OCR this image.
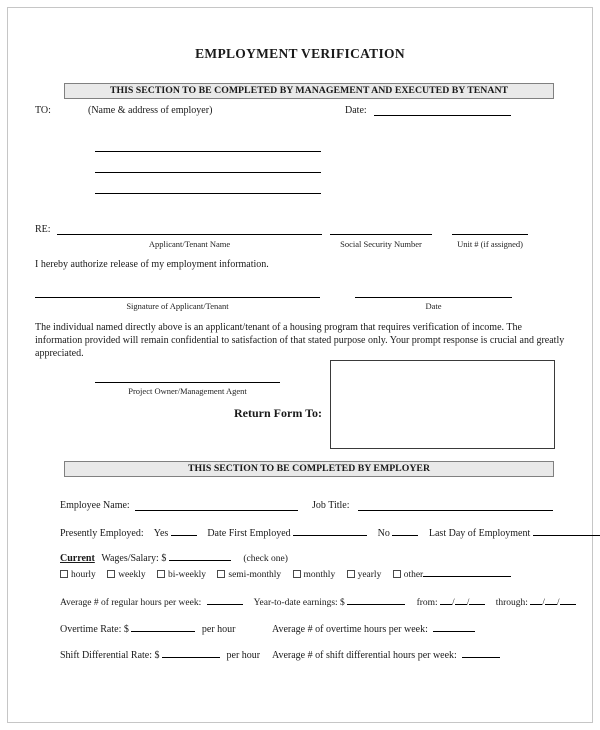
EMPLOYMENT VERIFICATION
THIS SECTION TO BE COMPLETED BY MANAGEMENT AND EXECUTED BY TENANT
TO:	(Name & address of employer)	Date:
RE:
Applicant/Tenant Name	Social Security Number	Unit # (if assigned)
I hereby authorize release of my employment information.
Signature of Applicant/Tenant	Date
The individual named directly above is an applicant/tenant of a housing program that requires verification of income. The information provided will remain confidential to satisfaction of that stated purpose only. Your prompt response is crucial and greatly appreciated.
Project Owner/Management Agent
Return Form To:
THIS SECTION TO BE COMPLETED BY EMPLOYER
Employee Name:	Job Title:
Presently Employed: Yes	Date First Employed	No	Last Day of Employment
Current Wages/Salary: $	(check one)
hourly weekly bi-weekly semi-monthly monthly yearly other
Average # of regular hours per week:	Year-to-date earnings: $	from: / /	through: / /
Overtime Rate: $	per hour	Average # of overtime hours per week:
Shift Differential Rate: $	per hour Average # of shift differential hours per week:
